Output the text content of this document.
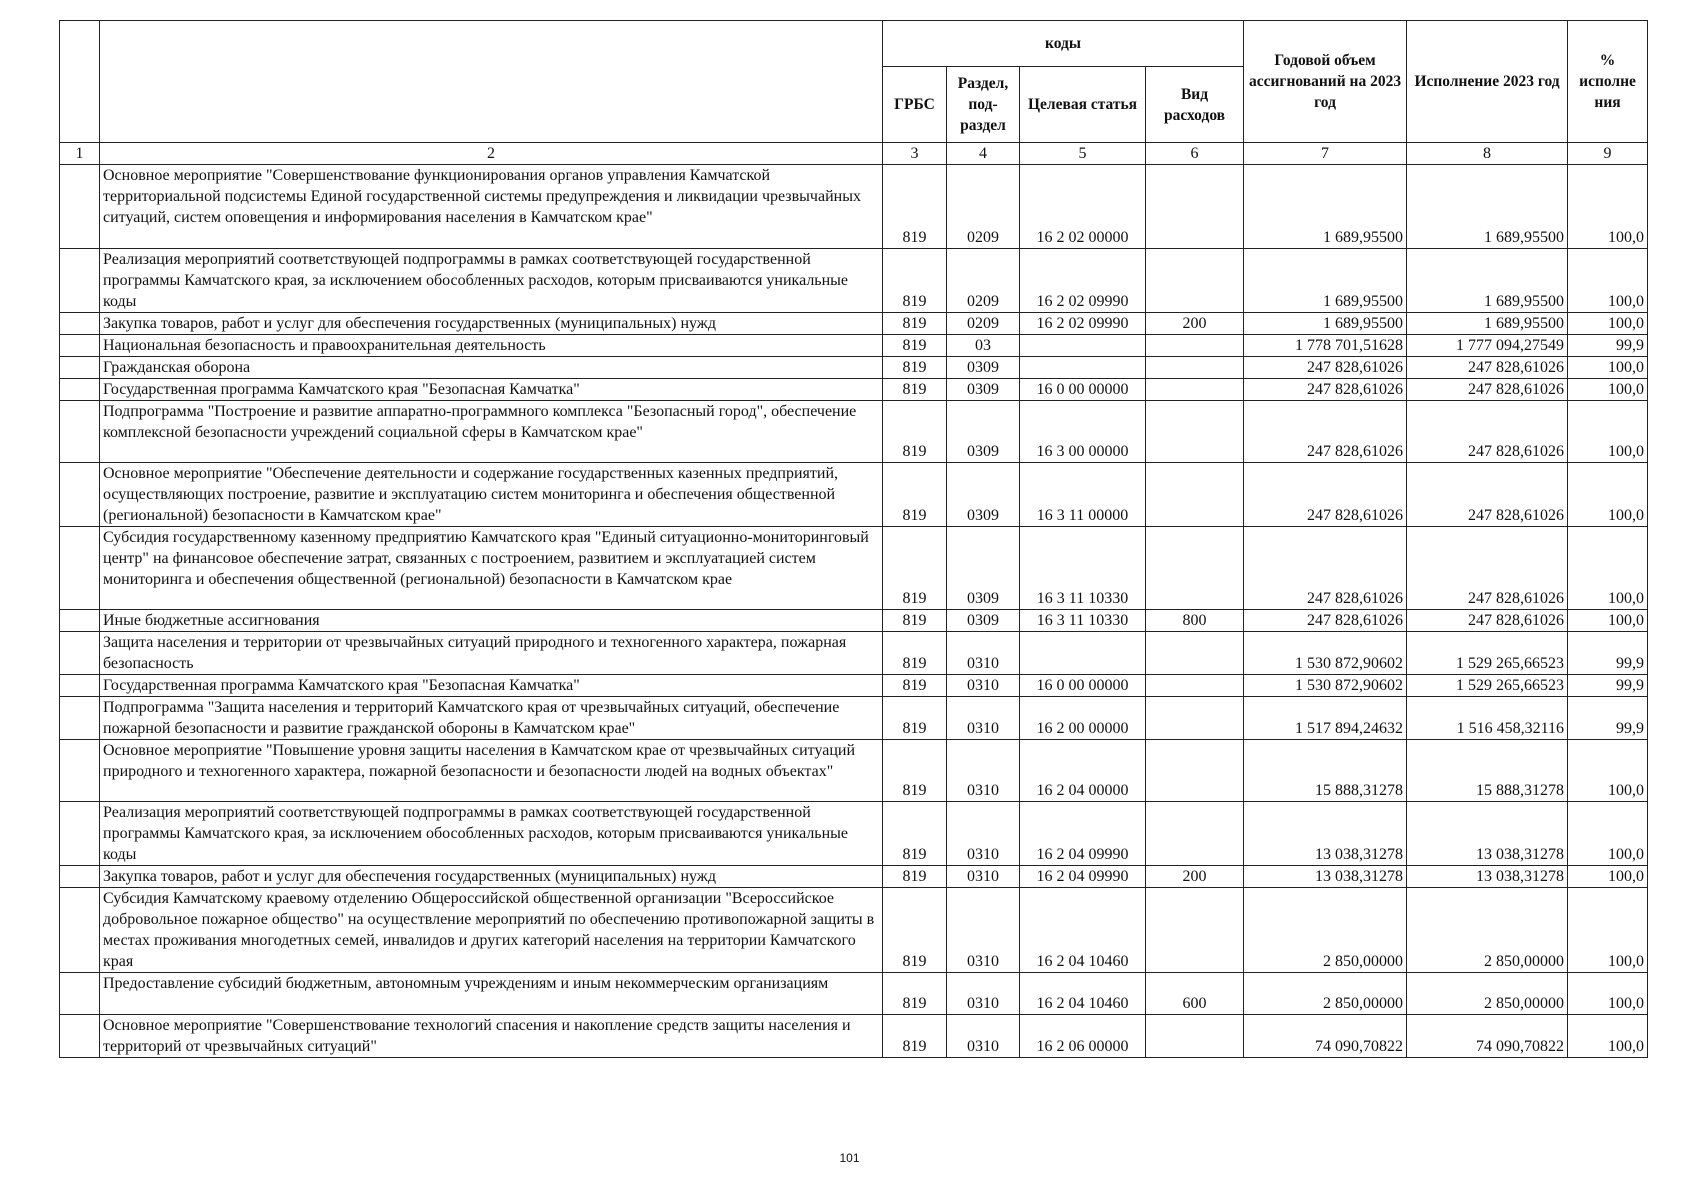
		коды				Годовой объем ассигнований на 2023 год	Исполнение 2023 год	% исполне ния
		ГРБС	Раздел, под-раздел	Целевая статья	Вид расходов			
1	2	3	4	5	6	7	8	9
	Основное мероприятие "Совершенствование функционирования органов управления Камчатской территориальной подсистемы Единой государственной системы предупреждения и ликвидации чрезвычайных ситуаций, систем оповещения и информирования населения в Камчатском крае"	819	0209	16 2 02 00000		1 689,95500	1 689,95500	100,0
	Реализация мероприятий соответствующей подпрограммы в рамках соответствующей государственной программы Камчатского края, за исключением обособленных расходов, которым присваиваются уникальные коды	819	0209	16 2 02 09990		1 689,95500	1 689,95500	100,0
	Закупка товаров, работ и услуг для обеспечения государственных (муниципальных) нужд	819	0209	16 2 02 09990	200	1 689,95500	1 689,95500	100,0
	Национальная безопасность и правоохранительная деятельность	819	03			1 778 701,51628	1 777 094,27549	99,9
	Гражданская оборона	819	0309			247 828,61026	247 828,61026	100,0
	Государственная программа Камчатского края "Безопасная Камчатка"	819	0309	16 0 00 00000		247 828,61026	247 828,61026	100,0
	Подпрограмма "Построение и развитие аппаратно-программного комплекса "Безопасный город", обеспечение комплексной безопасности учреждений социальной сферы в Камчатском крае"	819	0309	16 3 00 00000		247 828,61026	247 828,61026	100,0
	Основное мероприятие "Обеспечение деятельности и содержание государственных казенных предприятий, осуществляющих построение, развитие и эксплуатацию систем мониторинга и обеспечения общественной (региональной) безопасности в Камчатском крае"	819	0309	16 3 11 00000		247 828,61026	247 828,61026	100,0
	Субсидия государственному казенному предприятию Камчатского края "Единый ситуационно-мониторинговый центр" на финансовое обеспечение затрат, связанных с построением, развитием и эксплуатацией систем мониторинга и обеспечения общественной (региональной) безопасности в Камчатском крае	819	0309	16 3 11 10330		247 828,61026	247 828,61026	100,0
	Иные бюджетные ассигнования	819	0309	16 3 11 10330	800	247 828,61026	247 828,61026	100,0
	Защита населения и территории от чрезвычайных ситуаций природного и техногенного характера, пожарная безопасность	819	0310			1 530 872,90602	1 529 265,66523	99,9
	Государственная программа Камчатского края "Безопасная Камчатка"	819	0310	16 0 00 00000		1 530 872,90602	1 529 265,66523	99,9
	Подпрограмма "Защита населения и территорий Камчатского края от чрезвычайных ситуаций, обеспечение пожарной безопасности и развитие гражданской обороны в Камчатском крае"	819	0310	16 2 00 00000		1 517 894,24632	1 516 458,32116	99,9
	Основное мероприятие "Повышение уровня защиты населения в Камчатском крае от чрезвычайных ситуаций природного и техногенного характера, пожарной безопасности и безопасности людей на водных объектах"	819	0310	16 2 04 00000		15 888,31278	15 888,31278	100,0
	Реализация мероприятий соответствующей подпрограммы в рамках соответствующей государственной программы Камчатского края, за исключением обособленных расходов, которым присваиваются уникальные коды	819	0310	16 2 04 09990		13 038,31278	13 038,31278	100,0
	Закупка товаров, работ и услуг для обеспечения государственных (муниципальных) нужд	819	0310	16 2 04 09990	200	13 038,31278	13 038,31278	100,0
	Субсидия Камчатскому краевому отделению Общероссийской общественной организации "Всероссийское добровольное пожарное общество" на осуществление мероприятий по обеспечению противопожарной защиты в местах проживания многодетных семей, инвалидов и других категорий населения на территории Камчатского края	819	0310	16 2 04 10460		2 850,00000	2 850,00000	100,0
	Предоставление субсидий бюджетным, автономным учреждениям и иным некоммерческим организациям	819	0310	16 2 04 10460	600	2 850,00000	2 850,00000	100,0
	Основное мероприятие "Совершенствование технологий спасения и накопление средств защиты населения и территорий от чрезвычайных ситуаций"	819	0310	16 2 06 00000		74 090,70822	74 090,70822	100,0
101
